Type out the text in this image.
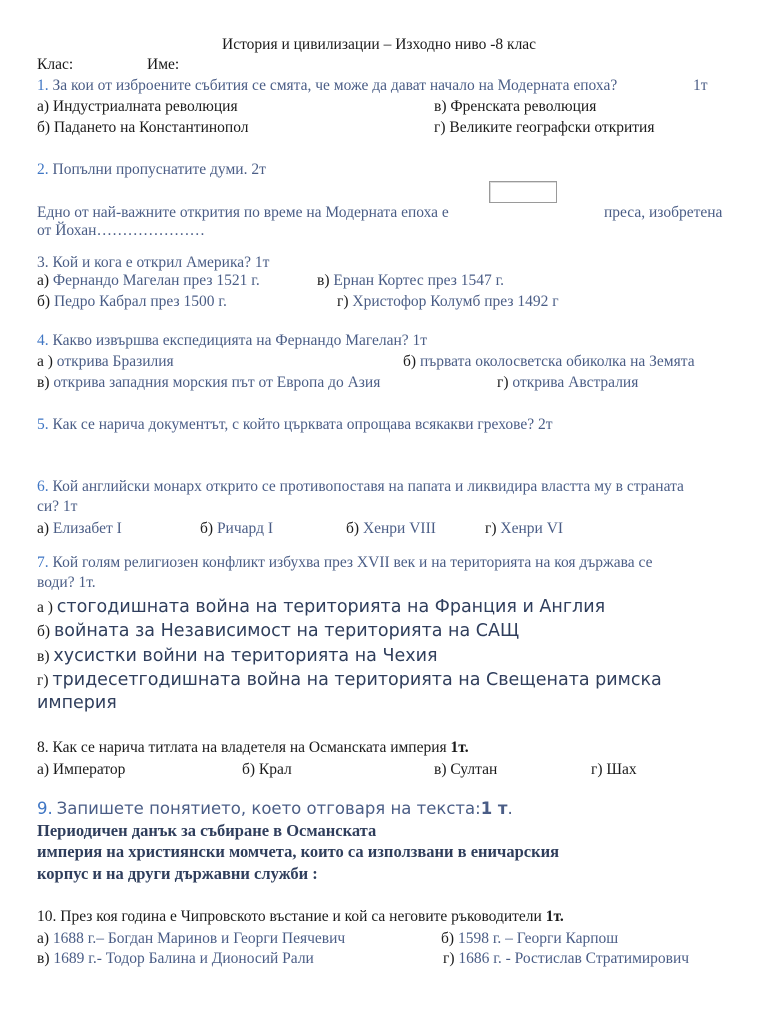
История и цивилизации – Изходно ниво -8 клас
Клас:	Име:
1. За кои от изброените събития се смята, че може да дават начало на Модерната епоха?	1т
а) Индустриалната революция	в) Френската революция
б) Падането на Константинопол	г) Великите географски открития
2. Попълни пропуснатите думи. 2т
Едно от най-важните открития по време на Модерната епоха е	преса, изобретена
от Йохан…………………
3. Кой и кога е открил Америка? 1т
а) Фернандо Магелан през 1521 г.	в) Ернан Кортес през 1547 г.
б) Педро Кабрал през 1500 г.	г) Христофор Колумб през 1492 г
4. Какво извършва експедицията на Фернандо Магелан? 1т
а ) открива Бразилия	б) първата околосветска обиколка на Земята
в) открива западния морския път от Европа до Азия	г) открива Австралия
5. Как се нарича документът, с който църквата опрощава всякакви грехове? 2т
6. Кой английски монарх открито се противопоставя на папата и ликвидира властта му в страната
си? 1т
а) Елизабет I	б) Ричард I	б) Хенри VIII	г) Хенри VI
7. Кой голям религиозен конфликт избухва през XVII век и на територията на коя държава се
води? 1т.
а ) стогодишната война на територията на Франция и Англия
б) войната за Независимост на територията на САЩ
в) хусистки войни на територията на Чехия
г) тридесетгодишната война на територията на Свещената римска
империя
8. Как се нарича титлата на владетеля на Османската империя 1т.
а) Император	б) Крал	в) Султан	г) Шах
9. Запишете понятието, което отговаря на текста:1 т.
Периодичен данък за събиране в Османската
империя на християнски момчета, които са използвани в еничарския
корпус и на други държавни служби :
10. През коя година е Чипровското въстание и кой са неговите ръководители 1т.
а) 1688 г.– Богдан Маринов и Георги Пеячевич	б) 1598 г. – Георги Карпош
в) 1689 г.- Тодор Балина и Дионосий Рали	г) 1686 г. - Ростислав Стратимирович
